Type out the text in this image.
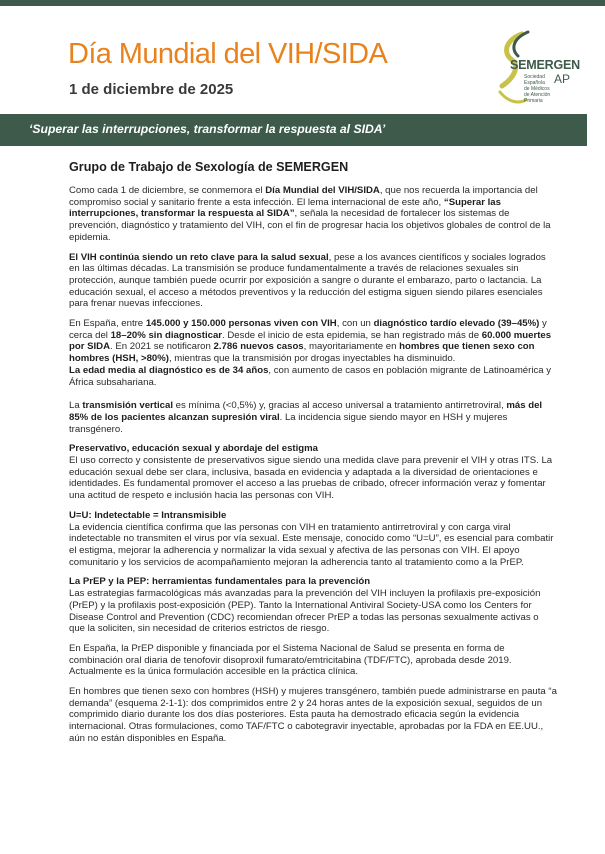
Día Mundial del VIH/SIDA
1 de diciembre de 2025
SEMERGEN
Sociedad
Española
de Médicos
de Atención
Primaria
AP
‘Superar las interrupciones, transformar la respuesta al SIDA’
Grupo de Trabajo de Sexología de SEMERGEN

Como cada 1 de diciembre, se conmemora el Día Mundial del VIH/SIDA, que nos recuerda la importancia del compromiso social y sanitario frente a esta infección. El lema internacional de este año, “Superar las interrupciones, transformar la respuesta al SIDA”, señala la necesidad de fortalecer los sistemas de prevención, diagnóstico y tratamiento del VIH, con el fin de progresar hacia los objetivos globales de control de la epidemia.

El VIH continúa siendo un reto clave para la salud sexual, pese a los avances científicos y sociales logrados en las últimas décadas. La transmisión se produce fundamentalmente a través de relaciones sexuales sin protección, aunque también puede ocurrir por exposición a sangre o durante el embarazo, parto o lactancia. La educación sexual, el acceso a métodos preventivos y la reducción del estigma siguen siendo pilares esenciales para frenar nuevas infecciones.

En España, entre 145.000 y 150.000 personas viven con VIH, con un diagnóstico tardío elevado (39–45%) y cerca del 18–20% sin diagnosticar. Desde el inicio de esta epidemia, se han registrado más de 60.000 muertes por SIDA. En 2021 se notificaron 2.786 nuevos casos, mayoritariamente en hombres que tienen sexo con hombres (HSH, >80%), mientras que la transmisión por drogas inyectables ha disminuido.
La edad media al diagnóstico es de 34 años, con aumento de casos en población migrante de Latinoamérica y África subsahariana.

La transmisión vertical es mínima (<0,5%) y, gracias al acceso universal a tratamiento antirretroviral, más del 85% de los pacientes alcanzan supresión viral. La incidencia sigue siendo mayor en HSH y mujeres transgénero.

Preservativo, educación sexual y abordaje del estigma

El uso correcto y consistente de preservativos sigue siendo una medida clave para prevenir el VIH y otras ITS. La educación sexual debe ser clara, inclusiva, basada en evidencia y adaptada a la diversidad de orientaciones e identidades. Es fundamental promover el acceso a las pruebas de cribado, ofrecer información veraz y fomentar una actitud de respeto e inclusión hacia las personas con VIH.

U=U: Indetectable = Intransmisible

La evidencia científica confirma que las personas con VIH en tratamiento antirretroviral y con carga viral indetectable no transmiten el virus por vía sexual. Este mensaje, conocido como “U=U”, es esencial para combatir el estigma, mejorar la adherencia y normalizar la vida sexual y afectiva de las personas con VIH. El apoyo comunitario y los servicios de acompañamiento mejoran la adherencia tanto al tratamiento como a la PrEP.

La PrEP y la PEP: herramientas fundamentales para la prevención

Las estrategias farmacológicas más avanzadas para la prevención del VIH incluyen la profilaxis pre-exposición (PrEP) y la profilaxis post-exposición (PEP). Tanto la International Antiviral Society-USA como los Centers for Disease Control and Prevention (CDC) recomiendan ofrecer PrEP a todas las personas sexualmente activas o que la soliciten, sin necesidad de criterios estrictos de riesgo.

En España, la PrEP disponible y financiada por el Sistema Nacional de Salud se presenta en forma de combinación oral diaria de tenofovir disoproxil fumarato/emtricitabina (TDF/FTC), aprobada desde 2019. Actualmente es la única formulación accesible en la práctica clínica.

En hombres que tienen sexo con hombres (HSH) y mujeres transgénero, también puede administrarse en pauta “a demanda” (esquema 2-1-1): dos comprimidos entre 2 y 24 horas antes de la exposición sexual, seguidos de un comprimido diario durante los dos días posteriores. Esta pauta ha demostrado eficacia según la evidencia internacional. Otras formulaciones, como TAF/FTC o cabotegravir inyectable, aprobadas por la FDA en EE.UU., aún no están disponibles en España.
